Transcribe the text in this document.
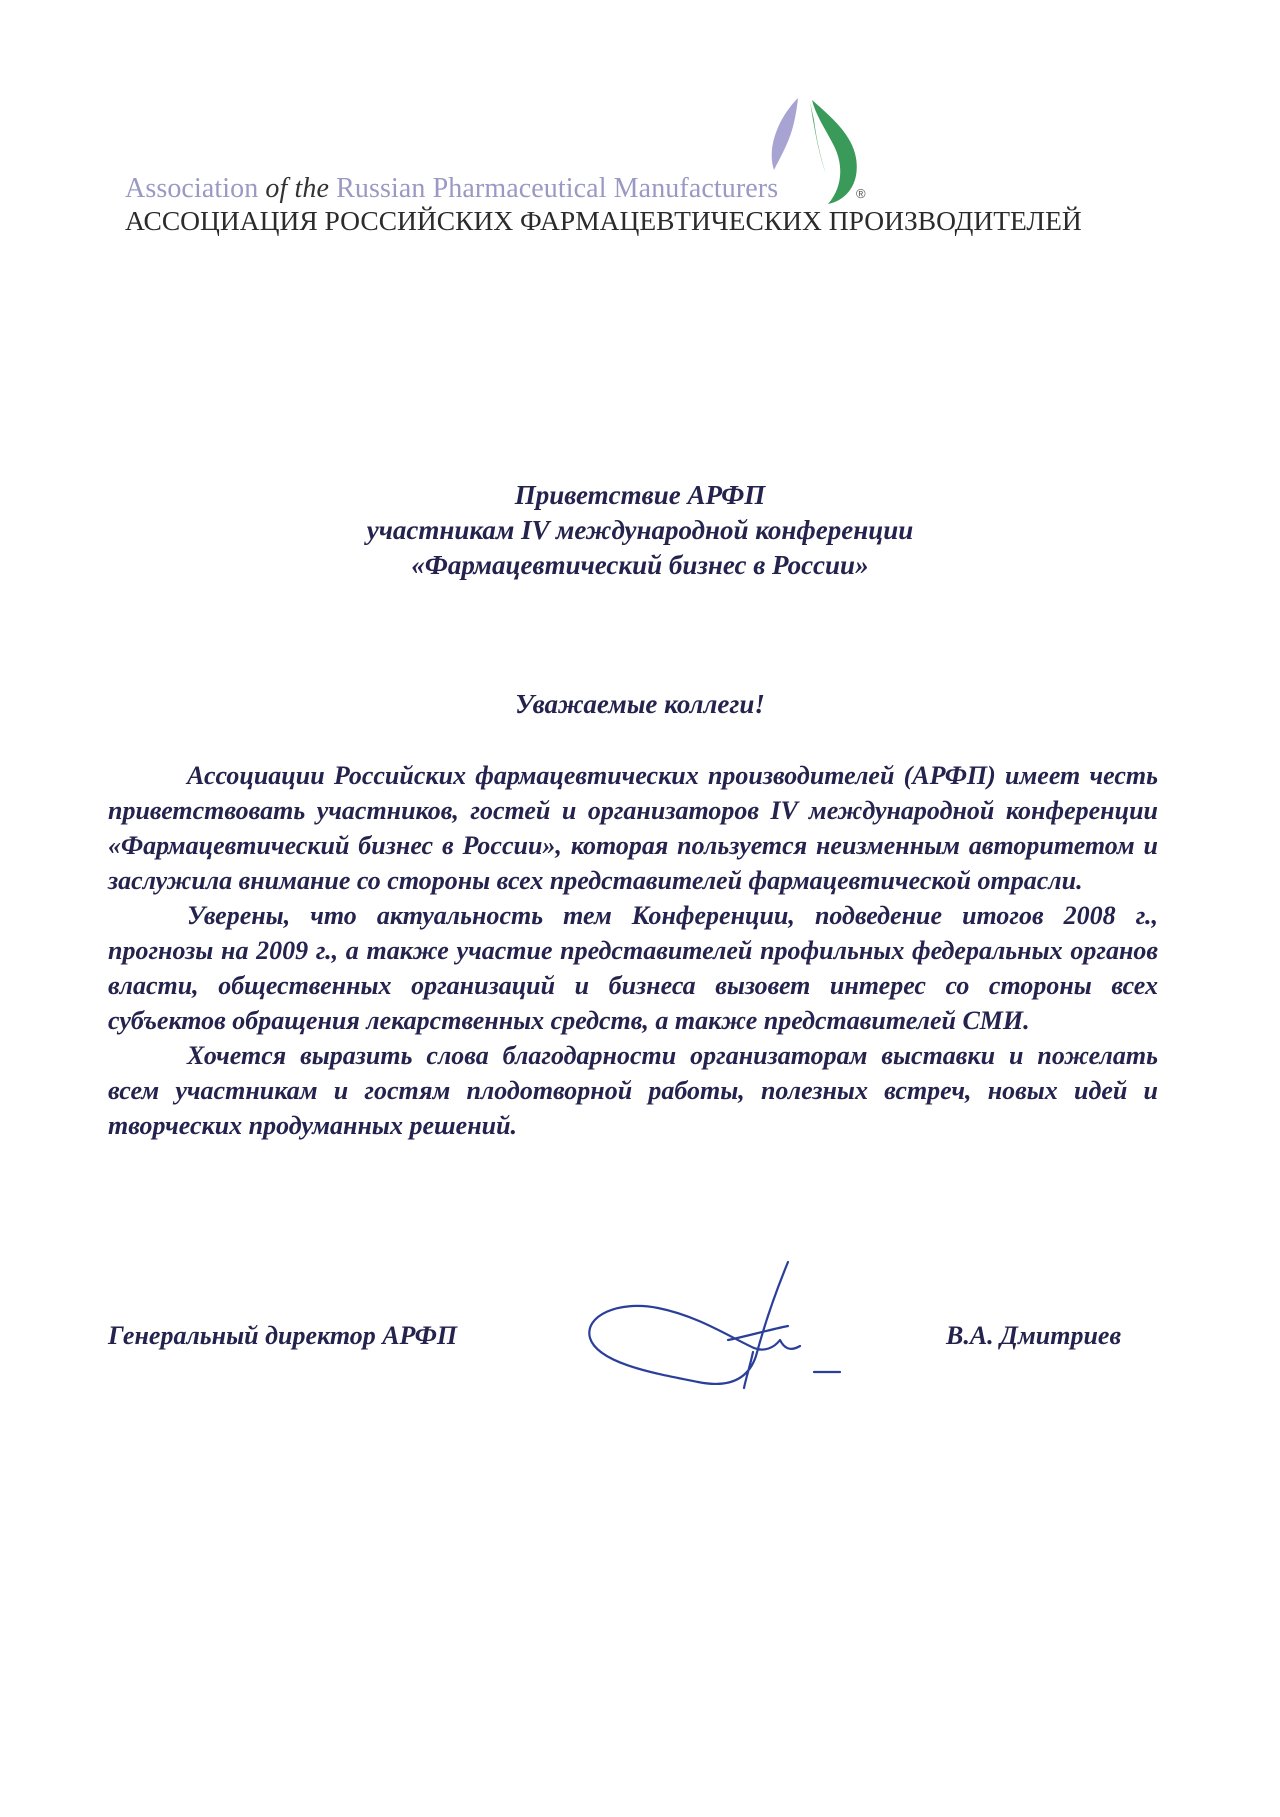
®
Association of the Russian Pharmaceutical Manufacturers
АССОЦИАЦИЯ РОССИЙСКИХ ФАРМАЦЕВТИЧЕСКИХ ПРОИЗВОДИТЕЛЕЙ
Приветствие АРФП
участникам IV международной конференции
«Фармацевтический бизнес в России»
Уважаемые коллеги!

Ассоциации Российских фармацевтических производителей (АРФП) имеет честь приветствовать участников, гостей и организаторов IV международной конференции «Фармацевтический бизнес в России», которая пользуется неизменным авторитетом и заслужила внимание со стороны всех представителей фармацевтической отрасли.

Уверены, что актуальность тем Конференции, подведение итогов 2008 г., прогнозы на 2009 г., а также участие представителей профильных федеральных органов власти, общественных организаций и бизнеса вызовет интерес со стороны всех субъектов обращения лекарственных средств, а также представителей СМИ.

Хочется выразить слова благодарности организаторам выставки и пожелать всем участникам и гостям плодотворной работы, полезных встреч, новых идей и творческих продуманных решений.

Генеральный директор АРФП	В.А. Дмитриев
